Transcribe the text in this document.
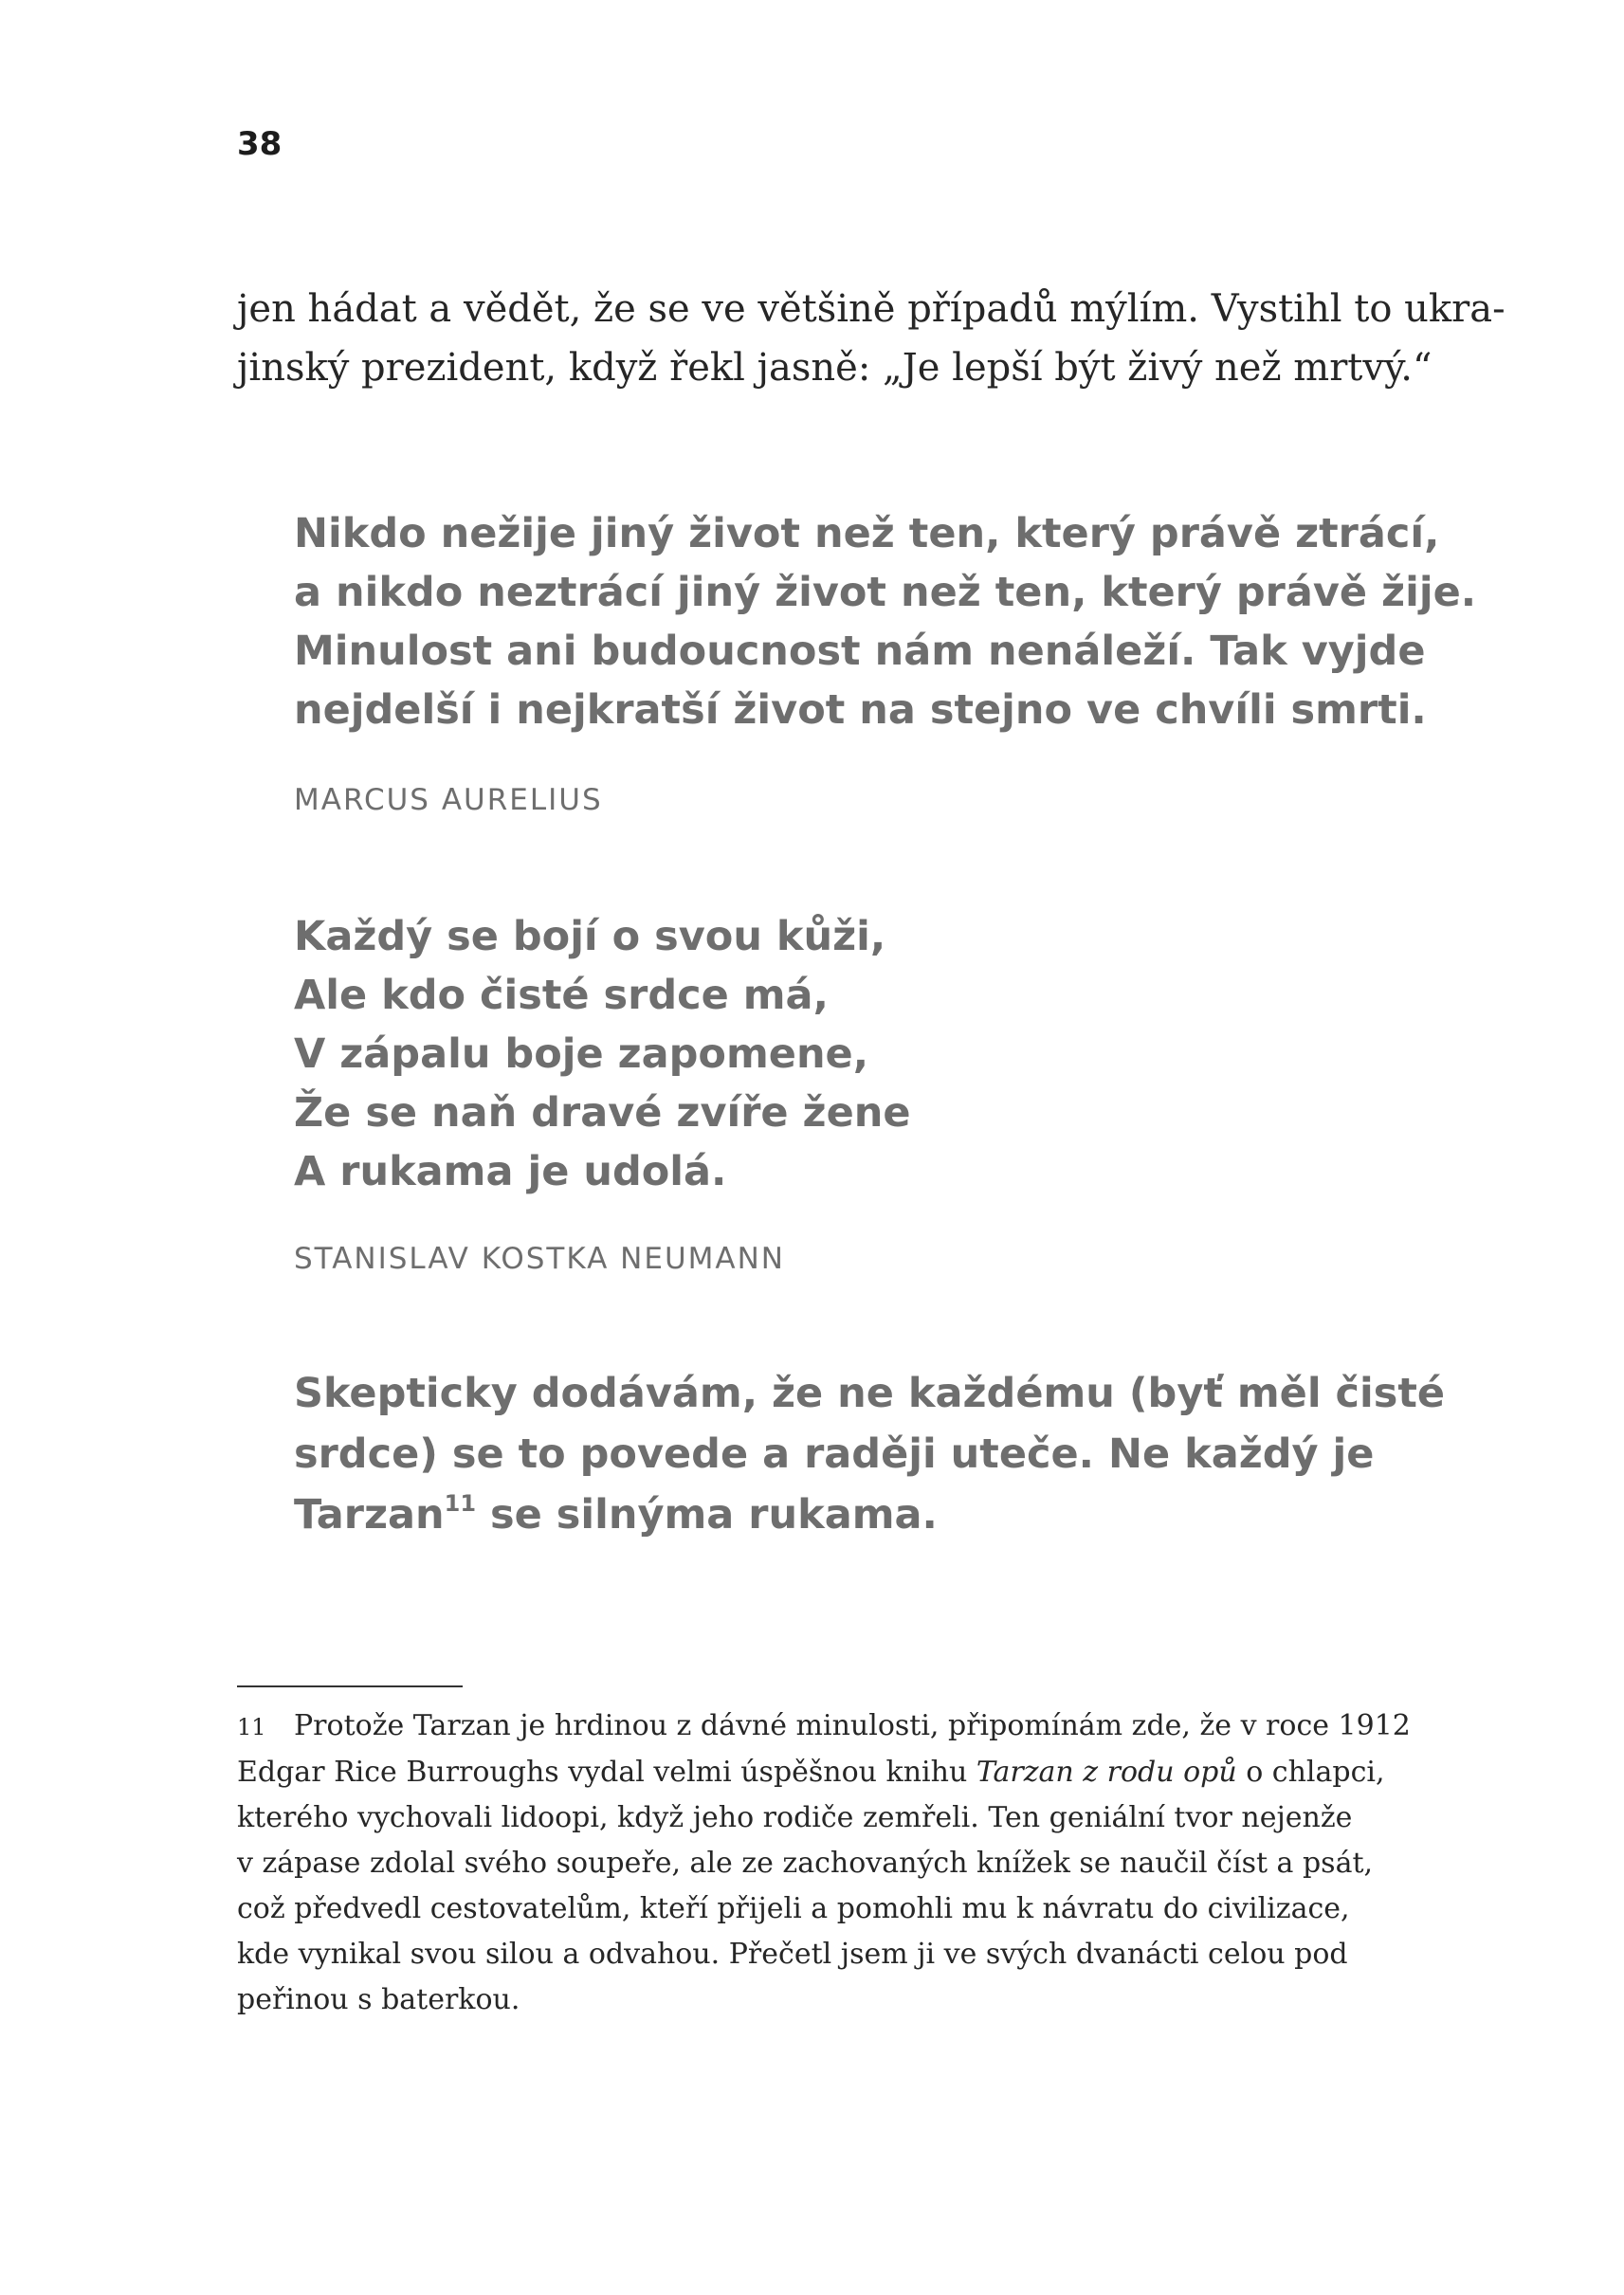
38
jen hádat a vědět, že se ve většině případů mýlím. Vystihl to ukra-
jinský prezident, když řekl jasně: „Je lepší být živý než mrtvý.“
Nikdo nežije jiný život než ten, který právě ztrácí,
a nikdo neztrácí jiný život než ten, který právě žije.
Minulost ani budoucnost nám nenáleží. Tak vyjde
nejdelší i nejkratší život na stejno ve chvíli smrti.
MARCUS AURELIUS
Každý se bojí o svou kůži,
Ale kdo čisté srdce má,
V zápalu boje zapomene,
Že se naň dravé zvíře žene
A rukama je udolá.
STANISLAV KOSTKA NEUMANN
Skepticky dodávám, že ne každému (byť měl čisté
srdce) se to povede a raději uteče. Ne každý je
Tarzan$^{11}$ se silnýma rukama.
11 Protože Tarzan je hrdinou z dávné minulosti, připomínám zde, že v roce 1912
Edgar Rice Burroughs vydal velmi úspěšnou knihu Tarzan z rodu opů o chlapci,
kterého vychovali lidoopi, když jeho rodiče zemřeli. Ten geniální tvor nejenže
v zápase zdolal svého soupeře, ale ze zachovaných knížek se naučil číst a psát,
což předvedl cestovatelům, kteří přijeli a pomohli mu k návratu do civilizace,
kde vynikal svou silou a odvahou. Přečetl jsem ji ve svých dvanácti celou pod
peřinou s baterkou.
